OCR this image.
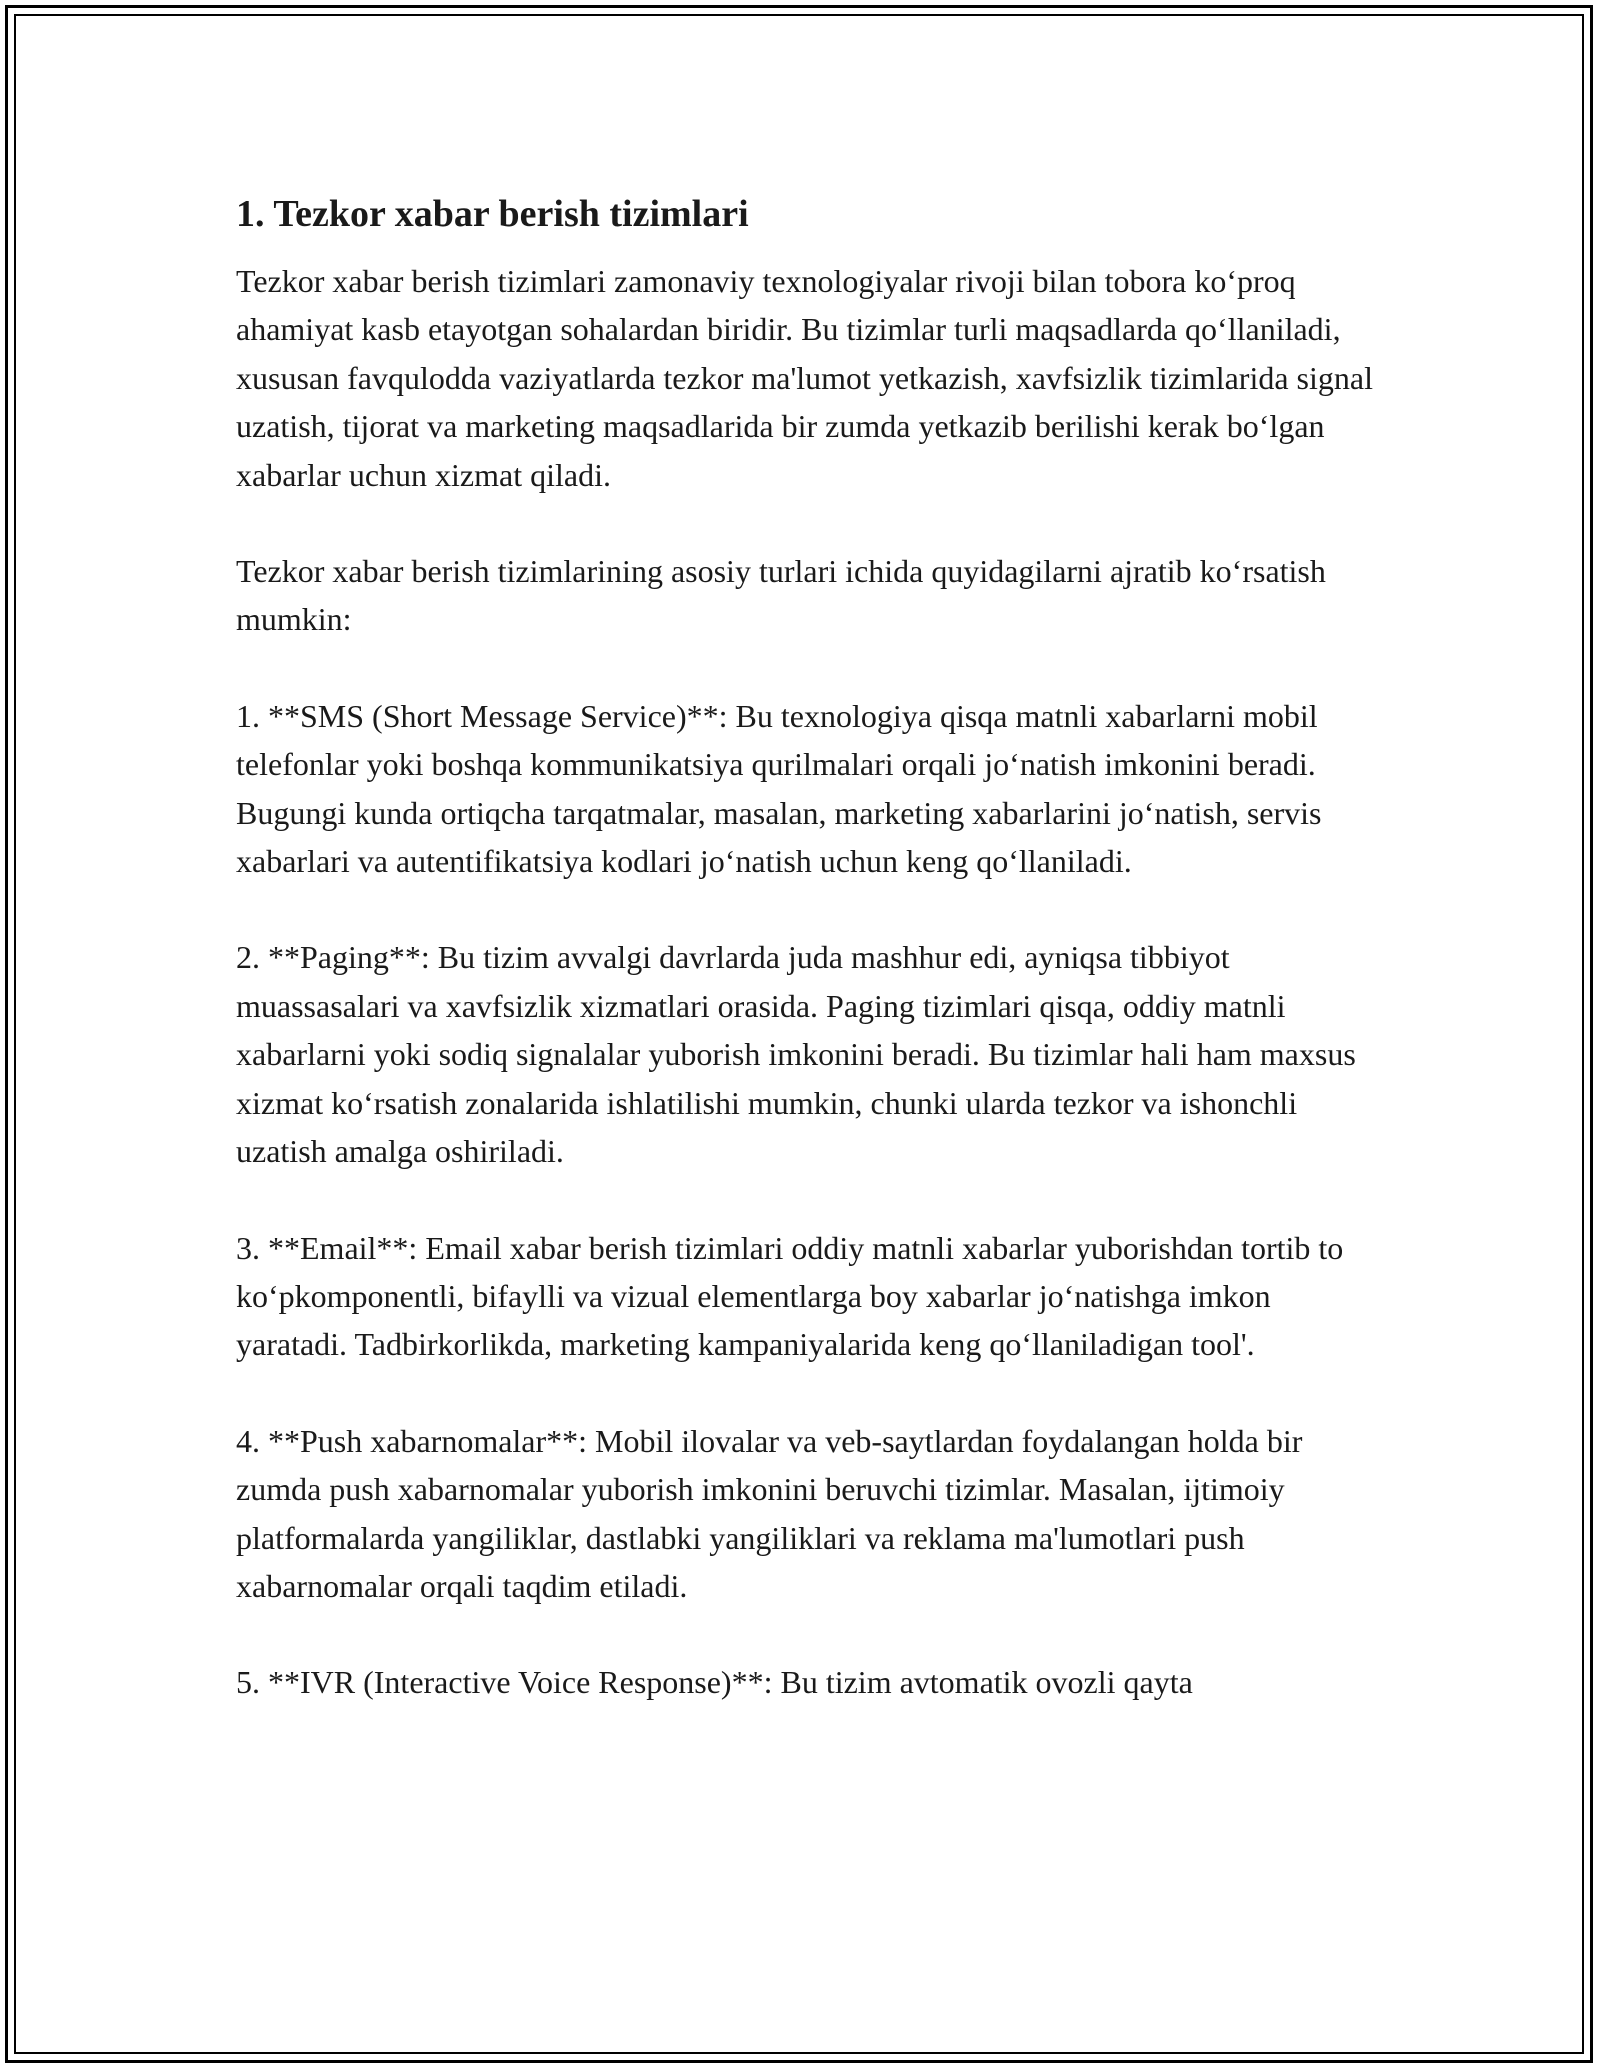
1. Tezkor xabar berish tizimlari

Tezkor xabar berish tizimlari zamonaviy texnologiyalar rivoji bilan tobora ko‘proq ahamiyat kasb etayotgan sohalardan biridir. Bu tizimlar turli maqsadlarda qo‘llaniladi, xususan favqulodda vaziyatlarda tezkor ma'lumot yetkazish, xavfsizlik tizimlarida signal uzatish, tijorat va marketing maqsadlarida bir zumda yetkazib berilishi kerak bo‘lgan xabarlar uchun xizmat qiladi.

Tezkor xabar berish tizimlarining asosiy turlari ichida quyidagilarni ajratib ko‘rsatish mumkin:

1. **SMS (Short Message Service)**: Bu texnologiya qisqa matnli xabarlarni mobil telefonlar yoki boshqa kommunikatsiya qurilmalari orqali jo‘natish imkonini beradi. Bugungi kunda ortiqcha tarqatmalar, masalan, marketing xabarlarini jo‘natish, servis xabarlari va autentifikatsiya kodlari jo‘natish uchun keng qo‘llaniladi.

2. **Paging**: Bu tizim avvalgi davrlarda juda mashhur edi, ayniqsa tibbiyot muassasalari va xavfsizlik xizmatlari orasida. Paging tizimlari qisqa, oddiy matnli xabarlarni yoki sodiq signalalar yuborish imkonini beradi. Bu tizimlar hali ham maxsus xizmat ko‘rsatish zonalarida ishlatilishi mumkin, chunki ularda tezkor va ishonchli uzatish amalga oshiriladi.

3. **Email**: Email xabar berish tizimlari oddiy matnli xabarlar yuborishdan tortib to ko‘pkomponentli, bifaylli va vizual elementlarga boy xabarlar jo‘natishga imkon yaratadi. Tadbirkorlikda, marketing kampaniyalarida keng qo‘llaniladigan tool'.

4. **Push xabarnomalar**: Mobil ilovalar va veb-saytlardan foydalangan holda bir zumda push xabarnomalar yuborish imkonini beruvchi tizimlar. Masalan, ijtimoiy platformalarda yangiliklar, dastlabki yangiliklari va reklama ma'lumotlari push xabarnomalar orqali taqdim etiladi.

5. **IVR (Interactive Voice Response)**: Bu tizim avtomatik ovozli qayta
